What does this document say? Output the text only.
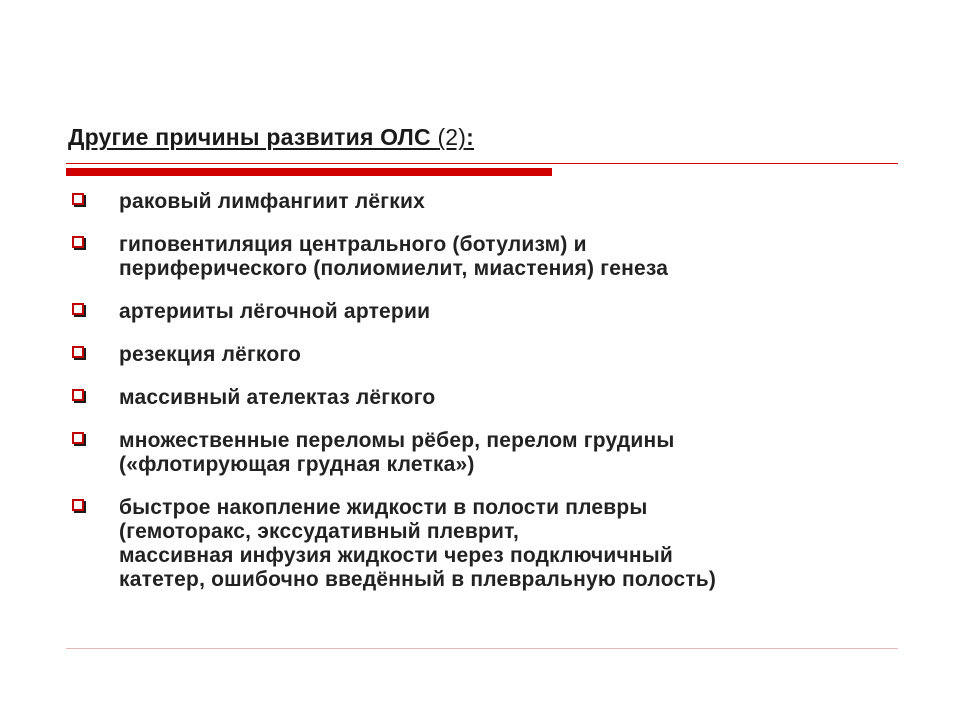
Другие причины развития ОЛС (2):
раковый лимфангиит лёгких
гиповентиляция центрального (ботулизм) и
периферического (полиомиелит, миастения) генеза
артерииты лёгочной артерии
резекция лёгкого
массивный ателектаз лёгкого
множественные переломы рёбер, перелом грудины
(«флотирующая грудная клетка»)
быстрое накопление жидкости в полости плевры
(гемоторакс, экссудативный плеврит,
массивная инфузия жидкости через подключичный
катетер, ошибочно введённый в плевральную полость)
